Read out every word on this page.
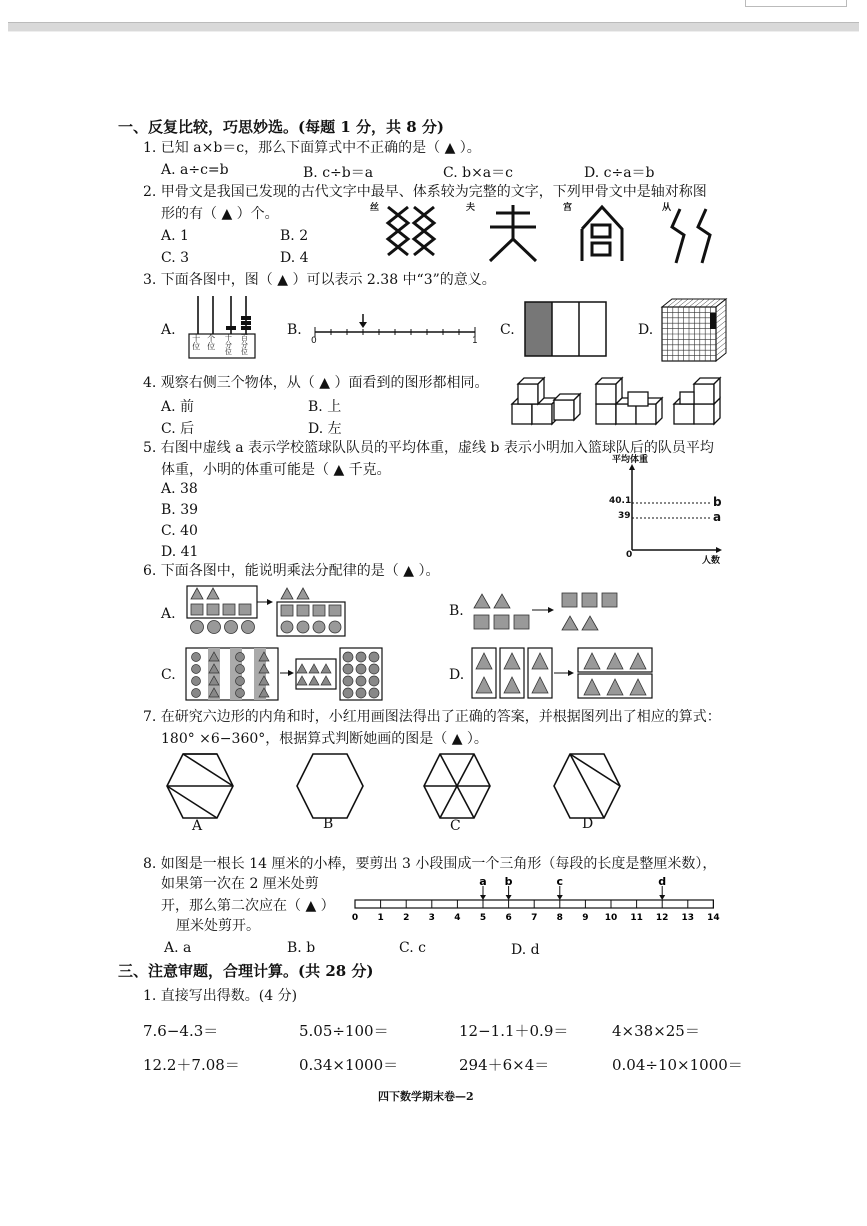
一、反复比较，巧思妙选。(每题 1 分，共 8 分)
1. 已知 a×b＝c，那么下面算式中不正确的是（ ▲ ）。
A. a÷c=b	B. c÷b＝a	C. b×a＝c	D. c÷a＝b
2. 甲骨文是我国已发现的古代文字中最早、体系较为完整的文字，下列甲骨文中是轴对称图
形的有（ ▲ ）个。
A. 1	B. 2
C. 3	D. 4
丝	夫	宫	从
3. 下面各图中，图（ ▲ ）可以表示 2.38 中“3”的意义。
A.
十位 个位 十分位 百分位
B.
0	1
C.	D.
4. 观察右侧三个物体，从（ ▲ ）面看到的图形都相同。
A. 前	B. 上
C. 后	D. 左
5. 右图中虚线 a 表示学校篮球队队员的平均体重，虚线 b 表示小明加入篮球队后的队员平均
体重，小明的体重可能是（ ▲ 千克。
A. 38
B. 39
C. 40
D. 41
平均体重
40.1
39
b
a
0
人数
6. 下面各图中，能说明乘法分配律的是（ ▲ ）。
A.	B.
C.	D.
7. 在研究六边形的内角和时，小红用画图法得出了正确的答案，并根据图列出了相应的算式：
180° ×6−360°，根据算式判断她画的图是（ ▲ ）。
A	B	C	D
8. 如图是一根长 14 厘米的小棒，要剪出 3 小段围成一个三角形（每段的长度是整厘米数），
如果第一次在 2 厘米处剪
开，那么第二次应在（ ▲ ）
厘米处剪开。	0 1 2 3 4 5 6 7 8 9 10 11 12 13 14
a b	c	d
A. a	B. b	C. c	D. d
三、注意审题，合理计算。(共 28 分)
1. 直接写出得数。(4 分)
7.6−4.3＝	5.05÷100＝	12−1.1＋0.9＝	4×38×25＝
12.2＋7.08＝	0.34×1000＝	294＋6×4＝	0.04÷10×1000＝
四下数学期末卷—2
